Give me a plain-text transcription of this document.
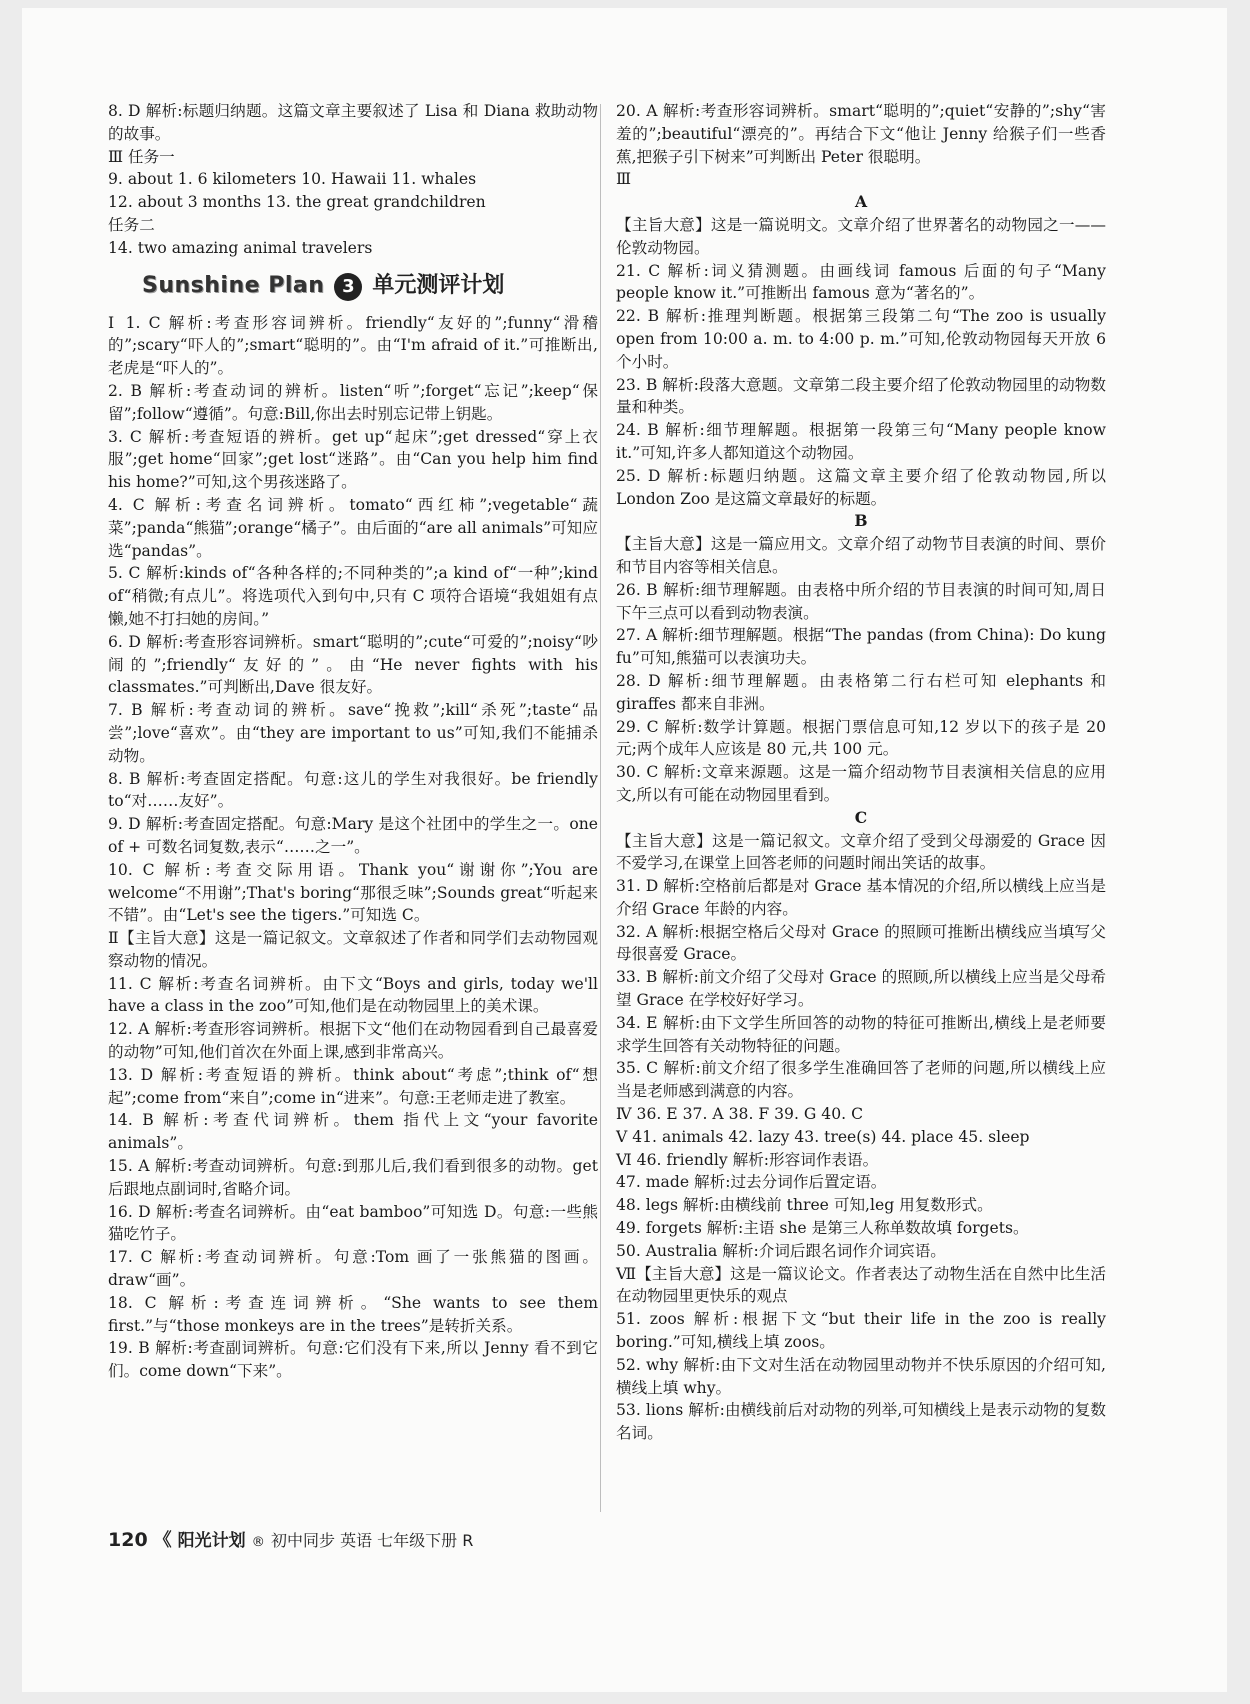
8. D 解析:标题归纳题。这篇文章主要叙述了 Lisa 和 Diana 救助动物的故事。

Ⅲ 任务一

9. about 1. 6 kilometers 10. Hawaii 11. whales

12. about 3 months 13. the great grandchildren

任务二

14. two amazing animal travelers

Sunshine Plan 3 单元测评计划

Ⅰ 1. C 解析:考查形容词辨析。friendly“友好的”;funny“滑稽的”;scary“吓人的”;smart“聪明的”。由“I'm afraid of it.”可推断出,老虎是“吓人的”。

2. B 解析:考查动词的辨析。listen“听”;forget“忘记”;keep“保留”;follow“遵循”。句意:Bill,你出去时别忘记带上钥匙。

3. C 解析:考查短语的辨析。get up“起床”;get dressed“穿上衣服”;get home“回家”;get lost“迷路”。由“Can you help him find his home?”可知,这个男孩迷路了。

4. C 解析:考查名词辨析。tomato“西红柿”;vegetable“蔬菜”;panda“熊猫”;orange“橘子”。由后面的“are all animals”可知应选“pandas”。

5. C 解析:kinds of“各种各样的;不同种类的”;a kind of“一种”;kind of“稍微;有点儿”。将选项代入到句中,只有 C 项符合语境“我姐姐有点懒,她不打扫她的房间。”

6. D 解析:考查形容词辨析。smart“聪明的”;cute“可爱的”;noisy“吵闹的”;friendly“友好的”。由“He never fights with his classmates.”可判断出,Dave 很友好。

7. B 解析:考查动词的辨析。save“挽救”;kill“杀死”;taste“品尝”;love“喜欢”。由“they are important to us”可知,我们不能捕杀动物。

8. B 解析:考查固定搭配。句意:这儿的学生对我很好。be friendly to“对……友好”。

9. D 解析:考查固定搭配。句意:Mary 是这个社团中的学生之一。one of + 可数名词复数,表示“……之一”。

10. C 解析:考查交际用语。Thank you“谢谢你”;You are welcome“不用谢”;That's boring“那很乏味”;Sounds great“听起来不错”。由“Let's see the tigers.”可知选 C。

Ⅱ【主旨大意】这是一篇记叙文。文章叙述了作者和同学们去动物园观察动物的情况。

11. C 解析:考查名词辨析。由下文“Boys and girls, today we'll have a class in the zoo”可知,他们是在动物园里上的美术课。

12. A 解析:考查形容词辨析。根据下文“他们在动物园看到自己最喜爱的动物”可知,他们首次在外面上课,感到非常高兴。

13. D 解析:考查短语的辨析。think about“考虑”;think of“想起”;come from“来自”;come in“进来”。句意:王老师走进了教室。

14. B 解析:考查代词辨析。them 指代上文“your favorite animals”。

15. A 解析:考查动词辨析。句意:到那儿后,我们看到很多的动物。get 后跟地点副词时,省略介词。

16. D 解析:考查名词辨析。由“eat bamboo”可知选 D。句意:一些熊猫吃竹子。

17. C 解析:考查动词辨析。句意:Tom 画了一张熊猫的图画。draw“画”。

18. C 解析:考查连词辨析。“She wants to see them first.”与“those monkeys are in the trees”是转折关系。

19. B 解析:考查副词辨析。句意:它们没有下来,所以 Jenny 看不到它们。come down“下来”。

20. A 解析:考查形容词辨析。smart“聪明的”;quiet“安静的”;shy“害羞的”;beautiful“漂亮的”。再结合下文“他让 Jenny 给猴子们一些香蕉,把猴子引下树来”可判断出 Peter 很聪明。

Ⅲ

A

【主旨大意】这是一篇说明文。文章介绍了世界著名的动物园之一——伦敦动物园。

21. C 解析:词义猜测题。由画线词 famous 后面的句子“Many people know it.”可推断出 famous 意为“著名的”。

22. B 解析:推理判断题。根据第三段第二句“The zoo is usually open from 10:00 a. m. to 4:00 p. m.”可知,伦敦动物园每天开放 6 个小时。

23. B 解析:段落大意题。文章第二段主要介绍了伦敦动物园里的动物数量和种类。

24. B 解析:细节理解题。根据第一段第三句“Many people know it.”可知,许多人都知道这个动物园。

25. D 解析:标题归纳题。这篇文章主要介绍了伦敦动物园,所以 London Zoo 是这篇文章最好的标题。

B

【主旨大意】这是一篇应用文。文章介绍了动物节目表演的时间、票价和节目内容等相关信息。

26. B 解析:细节理解题。由表格中所介绍的节目表演的时间可知,周日下午三点可以看到动物表演。

27. A 解析:细节理解题。根据“The pandas (from China): Do kung fu”可知,熊猫可以表演功夫。

28. D 解析:细节理解题。由表格第二行右栏可知 elephants 和 giraffes 都来自非洲。

29. C 解析:数学计算题。根据门票信息可知,12 岁以下的孩子是 20 元;两个成年人应该是 80 元,共 100 元。

30. C 解析:文章来源题。这是一篇介绍动物节目表演相关信息的应用文,所以有可能在动物园里看到。

C

【主旨大意】这是一篇记叙文。文章介绍了受到父母溺爱的 Grace 因不爱学习,在课堂上回答老师的问题时闹出笑话的故事。

31. D 解析:空格前后都是对 Grace 基本情况的介绍,所以横线上应当是介绍 Grace 年龄的内容。

32. A 解析:根据空格后父母对 Grace 的照顾可推断出横线应当填写父母很喜爱 Grace。

33. B 解析:前文介绍了父母对 Grace 的照顾,所以横线上应当是父母希望 Grace 在学校好好学习。

34. E 解析:由下文学生所回答的动物的特征可推断出,横线上是老师要求学生回答有关动物特征的问题。

35. C 解析:前文介绍了很多学生准确回答了老师的问题,所以横线上应当是老师感到满意的内容。

Ⅳ 36. E 37. A 38. F 39. G 40. C

Ⅴ 41. animals 42. lazy 43. tree(s) 44. place 45. sleep

Ⅵ 46. friendly 解析:形容词作表语。

47. made 解析:过去分词作后置定语。

48. legs 解析:由横线前 three 可知,leg 用复数形式。

49. forgets 解析:主语 she 是第三人称单数故填 forgets。

50. Australia 解析:介词后跟名词作介词宾语。

Ⅶ【主旨大意】这是一篇议论文。作者表达了动物生活在自然中比生活在动物园里更快乐的观点

51. zoos 解析:根据下文“but their life in the zoo is really boring.”可知,横线上填 zoos。

52. why 解析:由下文对生活在动物园里动物并不快乐原因的介绍可知,横线上填 why。

53. lions 解析:由横线前后对动物的列举,可知横线上是表示动物的复数名词。

120 《 阳光计划 $_®$ 初中同步 英语 七年级下册 R
